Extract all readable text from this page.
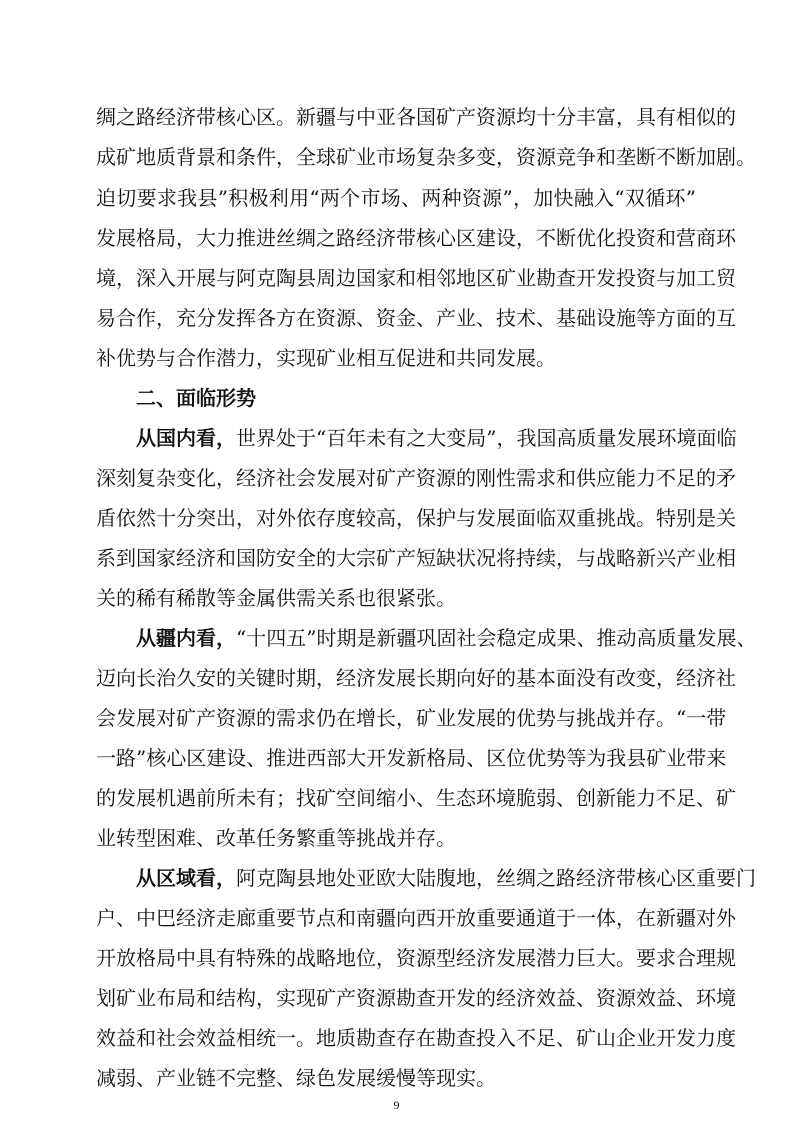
绸之路经济带核心区。新疆与中亚各国矿产资源均十分丰富，具有相似的
成矿地质背景和条件，全球矿业市场复杂多变，资源竞争和垄断不断加剧。
迫切要求我县”积极利用“两个市场、两种资源”，加快融入“双循环”
发展格局，大力推进丝绸之路经济带核心区建设，不断优化投资和营商环
境，深入开展与阿克陶县周边国家和相邻地区矿业勘查开发投资与加工贸
易合作，充分发挥各方在资源、资金、产业、技术、基础设施等方面的互
补优势与合作潜力，实现矿业相互促进和共同发展。
二、面临形势
从国内看，世界处于“百年未有之大变局”，我国高质量发展环境面临
深刻复杂变化，经济社会发展对矿产资源的刚性需求和供应能力不足的矛
盾依然十分突出，对外依存度较高，保护与发展面临双重挑战。特别是关
系到国家经济和国防安全的大宗矿产短缺状况将持续，与战略新兴产业相
关的稀有稀散等金属供需关系也很紧张。
从疆内看，“十四五”时期是新疆巩固社会稳定成果、推动高质量发展、
迈向长治久安的关键时期，经济发展长期向好的基本面没有改变，经济社
会发展对矿产资源的需求仍在增长，矿业发展的优势与挑战并存。“一带
一路”核心区建设、推进西部大开发新格局、区位优势等为我县矿业带来
的发展机遇前所未有；找矿空间缩小、生态环境脆弱、创新能力不足、矿
业转型困难、改革任务繁重等挑战并存。
从区域看，阿克陶县地处亚欧大陆腹地，丝绸之路经济带核心区重要门
户、中巴经济走廊重要节点和南疆向西开放重要通道于一体，在新疆对外
开放格局中具有特殊的战略地位，资源型经济发展潜力巨大。要求合理规
划矿业布局和结构，实现矿产资源勘查开发的经济效益、资源效益、环境
效益和社会效益相统一。地质勘查存在勘查投入不足、矿山企业开发力度
减弱、产业链不完整、绿色发展缓慢等现实。
9
